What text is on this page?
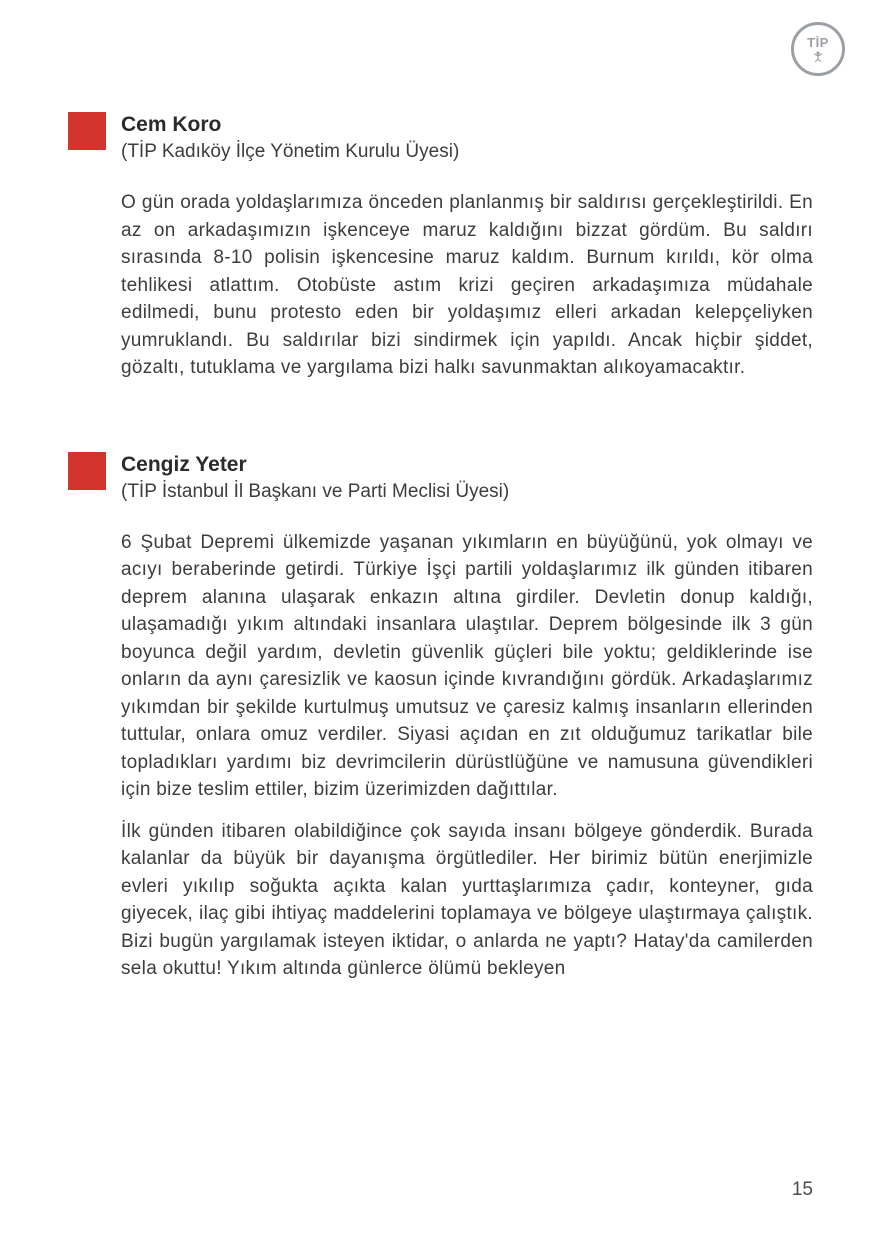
TİP
Cem Koro

(TİP Kadıköy İlçe Yönetim Kurulu Üyesi)

O gün orada yoldaşlarımıza önceden planlanmış bir saldırısı gerçekleştirildi. En az on arkadaşımızın işkenceye maruz kaldığını bizzat gördüm. Bu saldırı sırasında 8-10 polisin işkencesine maruz kaldım. Burnum kırıldı, kör olma tehlikesi atlattım. Otobüste astım krizi geçiren arkadaşımıza müdahale edilmedi, bunu protesto eden bir yoldaşımız elleri arkadan kelepçeliyken yumruklandı. Bu saldırılar bizi sindirmek için yapıldı. Ancak hiçbir şiddet, gözaltı, tutuklama ve yargılama bizi halkı savunmaktan alıkoyamacaktır.

Cengiz Yeter

(TİP İstanbul İl Başkanı ve Parti Meclisi Üyesi)

6 Şubat Depremi ülkemizde yaşanan yıkımların en büyüğünü, yok olmayı ve acıyı beraberinde getirdi. Türkiye İşçi partili yoldaşlarımız ilk günden itibaren deprem alanına ulaşarak enkazın altına girdiler. Devletin donup kaldığı, ulaşamadığı yıkım altındaki insanlara ulaştılar. Deprem bölgesinde ilk 3 gün boyunca değil yardım, devletin güvenlik güçleri bile yoktu; geldiklerinde ise onların da aynı çaresizlik ve kaosun içinde kıvrandığını gördük. Arkadaşlarımız yıkımdan bir şekilde kurtulmuş umutsuz ve çaresiz kalmış insanların ellerinden tuttular, onlara omuz verdiler. Siyasi açıdan en zıt olduğumuz tarikatlar bile topladıkları yardımı biz devrimcilerin dürüstlüğüne ve namusuna güvendikleri için bize teslim ettiler, bizim üzerimizden dağıttılar.

İlk günden itibaren olabildiğince çok sayıda insanı bölgeye gönderdik. Burada kalanlar da büyük bir dayanışma örgütlediler. Her birimiz bütün enerjimizle evleri yıkılıp soğukta açıkta kalan yurttaşlarımıza çadır, konteyner, gıda giyecek, ilaç gibi ihtiyaç maddelerini toplamaya ve bölgeye ulaştırmaya çalıştık. Bizi bugün yargılamak isteyen iktidar, o anlarda ne yaptı? Hatay'da camilerden sela okuttu! Yıkım altında günlerce ölümü bekleyen

15
